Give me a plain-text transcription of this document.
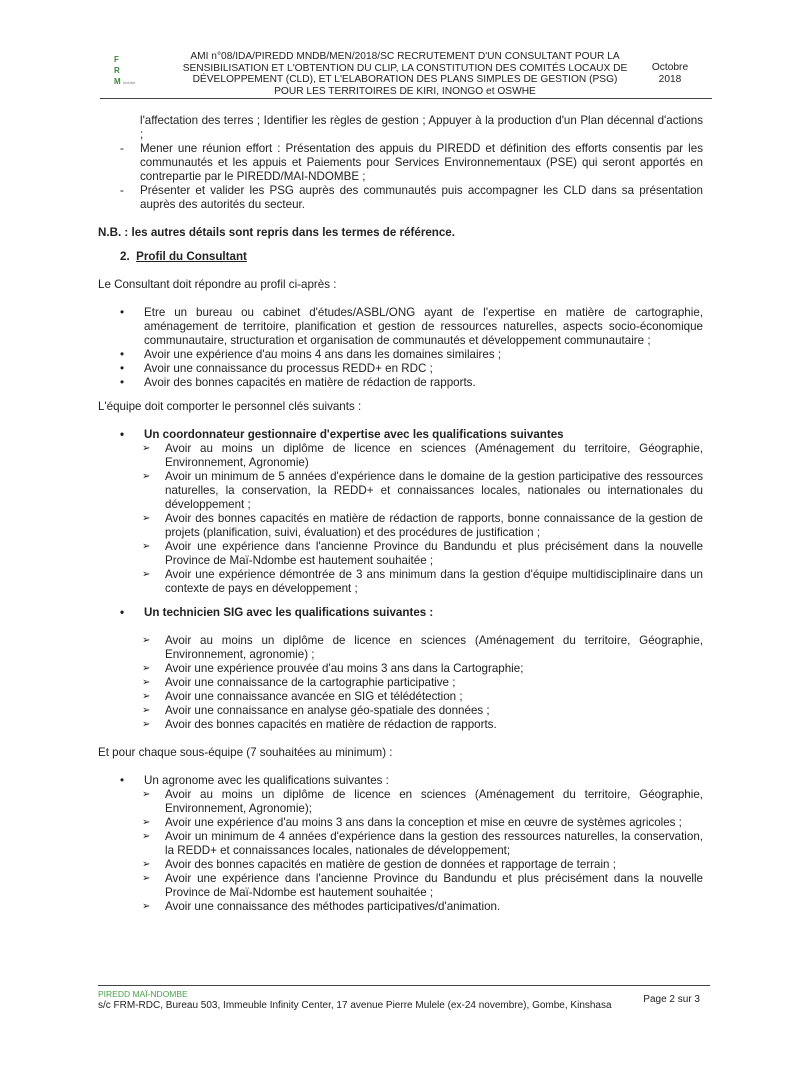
F
R
M Indufor
AMI n°08/IDA/PIREDD MNDB/MEN/2018/SC RECRUTEMENT D'UN CONSULTANT POUR LA
SENSIBILISATION ET L'OBTENTION DU CLIP, LA CONSTITUTION DES COMITÉS LOCAUX DE
DÉVELOPPEMENT (CLD), ET L'ELABORATION DES PLANS SIMPLES DE GESTION (PSG)
POUR LES TERRITOIRES DE KIRI, INONGO et OSWHE
Octobre
2018

l'affectation des terres ; Identifier les règles de gestion ; Appuyer à la production d'un Plan décennal d'actions ;

- Mener une réunion effort : Présentation des appuis du PIREDD et définition des efforts consentis par les communautés et les appuis et Paiements pour Services Environnementaux (PSE) qui seront apportés en contrepartie par le PIREDD/MAI-NDOMBE ;
- Présenter et valider les PSG auprès des communautés puis accompagner les CLD dans sa présentation auprès des autorités du secteur.

N.B. : les autres détails sont repris dans les termes de référence.

2. Profil du Consultant

Le Consultant doit répondre au profil ci-après :

• Etre un bureau ou cabinet d'études/ASBL/ONG ayant de l'expertise en matière de cartographie, aménagement de territoire, planification et gestion de ressources naturelles, aspects socio-économique communautaire, structuration et organisation de communautés et développement communautaire ;
• Avoir une expérience d'au moins 4 ans dans les domaines similaires ;
• Avoir une connaissance du processus REDD+ en RDC ;
• Avoir des bonnes capacités en matière de rédaction de rapports.

L'équipe doit comporter le personnel clés suivants :

• Un coordonnateur gestionnaire d'expertise avec les qualifications suivantes
➢ Avoir au moins un diplôme de licence en sciences (Aménagement du territoire, Géographie, Environnement, Agronomie)
➢ Avoir un minimum de 5 années d'expérience dans le domaine de la gestion participative des ressources naturelles, la conservation, la REDD+ et connaissances locales, nationales ou internationales du développement ;
➢ Avoir des bonnes capacités en matière de rédaction de rapports, bonne connaissance de la gestion de projets (planification, suivi, évaluation) et des procédures de justification ;
➢ Avoir une expérience dans l'ancienne Province du Bandundu et plus précisément dans la nouvelle Province de Maï-Ndombe est hautement souhaitée ;
➢ Avoir une expérience démontrée de 3 ans minimum dans la gestion d'équipe multidisciplinaire dans un contexte de pays en développement ;
• Un technicien SIG avec les qualifications suivantes :
➢ Avoir au moins un diplôme de licence en sciences (Aménagement du territoire, Géographie, Environnement, agronomie) ;
➢ Avoir une expérience prouvée d'au moins 3 ans dans la Cartographie;
➢ Avoir une connaissance de la cartographie participative ;
➢ Avoir une connaissance avancée en SIG et télédétection ;
➢ Avoir une connaissance en analyse géo-spatiale des données ;
➢ Avoir des bonnes capacités en matière de rédaction de rapports.

Et pour chaque sous-équipe (7 souhaitées au minimum) :

• Un agronome avec les qualifications suivantes :
➢ Avoir au moins un diplôme de licence en sciences (Aménagement du territoire, Géographie, Environnement, Agronomie);
➢ Avoir une expérience d'au moins 3 ans dans la conception et mise en œuvre de systèmes agricoles ;
➢ Avoir un minimum de 4 années d'expérience dans la gestion des ressources naturelles, la conservation, la REDD+ et connaissances locales, nationales de développement;
➢ Avoir des bonnes capacités en matière de gestion de données et rapportage de terrain ;
➢ Avoir une expérience dans l'ancienne Province du Bandundu et plus précisément dans la nouvelle Province de Maï-Ndombe est hautement souhaitée ;
➢ Avoir une connaissance des méthodes participatives/d'animation.
PIREDD MAÏ-NDOMBE
s/c FRM-RDC, Bureau 503, Immeuble Infinity Center, 17 avenue Pierre Mulele (ex-24 novembre), Gombe, Kinshasa
Page 2 sur 3
